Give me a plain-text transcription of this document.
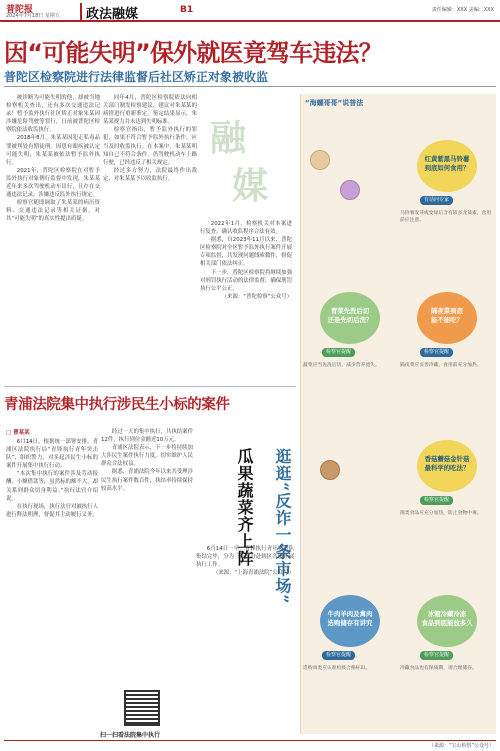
普陀报
2024年7月18日 星期五	政法融媒	B1	责任编辑：XXX 美编：XXX
因“可能失明”保外就医竟驾车违法？
普陀区检察院进行法律监督后社区矫正对象被收监

被诊断为可能失明的他，却被当地检察机关查出，还有多次交通违法记录！暂予监外执行社区矫正对象朱某因涉嫌危险驾驶等罪行，日前被普陀区检察院依法收监执行。

2018年8月，朱某某因犯走私毒品罪被判处有期徒刑。因患有眼疾被认定可能失明，朱某某被依法暂予监外执行。

2021年，普陀区检察院在对暂予监外执行对象例行监督中发现，朱某某近年来多次驾驶机动车出行，且存在交通违法记录，涉嫌违反监外执行规定。

检察官随即调取了朱某某的病历资料、交通违法记录等相关证据，对其“可能失明”的真实性提出质疑。

同年4月，普陀区检察院依法向相关部门制发检察建议，建议对朱某某的病情进行重新鉴定。鉴定结果显示，朱某某视力并未达到失明标准。

检察官指出，暂予监外执行的罪犯，如果不符合暂予监外执行条件，应当及时收监执行。在本案中，朱某某明知自己不符合条件，仍驾驶机动车上路行驶，已经违反了相关规定。

经过多方努力，法院最终作出裁定，对朱某某予以收监执行。

融
媒

2022年1月，检察机关对本案进行复查，确认收监程序合法有效。

据悉，自2023年11月以来，普陀区检察院对全区暂予监外执行案件开展专项监督，共发现问题线索数件，督促相关部门依法纠正。

下一步，普陀区检察院将继续加强对刑罚执行活动的法律监督，确保刑罚执行公平公正。

（来源：“普陀检察”公众号）

“海螺哥哥”说普法
红黄紫黑马铃薯
到底如何食用？
有话问专家
马铃薯发芽或变绿后含有较多龙葵素，食用前应注意。
青菜先洗后切
还是先切后洗？
检察官提醒
蔬菜应当先洗后切，减少营养流失。
隔夜菜到底
能不能吃？
检察官提醒
隔夜菜应妥善冷藏，食用前充分加热。
香菇蘑菇金针菇
最科学的吃法？
检察官提醒
菌类食品应充分加热，防止食物中毒。
牛肉羊肉及禽肉
选购储存有讲究
检察官提醒
选购肉类应认准检疫合格标识。
冰箱冷藏冷冻
食品到底能放多久
检察官提醒
冷藏食品也有保质期，请合理储存。
青浦法院集中执行涉民生小标的案件
□ 曹某某

6月14日，根据统一部署安排，青浦区法院执行局“青锋执行青年突击队”，组织警力，对多起涉民生小标的案件开展集中执行行动。

“本次集中执行的案件涉及劳动报酬、小额借款等，虽然标的额不大，却关系到群众切身利益。”执行法官介绍说。

在执行现场，执行法官对被执行人进行释法明理，督促其主动履行义务。

经过一天的集中执行，共执结案件12件，执行到位金额近10万元。

青浦区法院表示，下一步将持续加大涉民生案件执行力度，切实维护人民群众合法权益。

据悉，青浦法院今年以来共受理涉民生执行案件数百件，执结率持续保持较高水平。	逛逛“反诈一条市场”
瓜果蔬菜齐上阵

6月14日一早，青锋执行青年突击队集结完毕，分为三组，分赴辖区各镇开展执行工作。

（来源：“上海青浦法院”公众号）

扫一扫看法院集中执行
（来源：“宝山检察”公众号）
